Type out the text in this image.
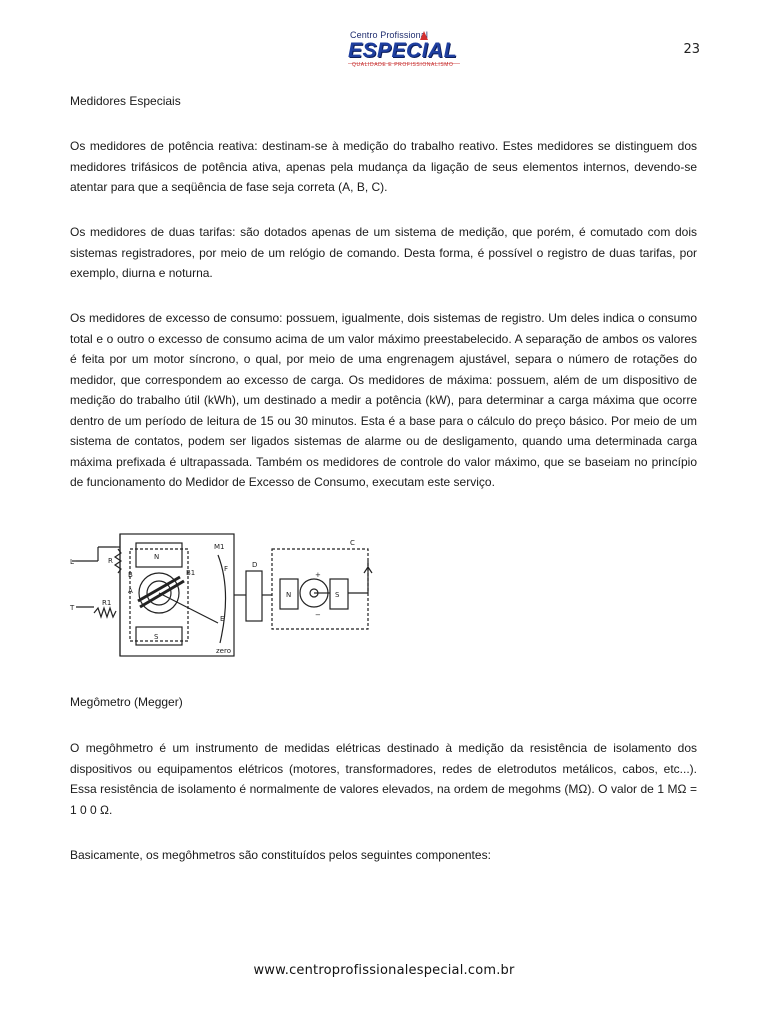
Centro Profissional
ESPECIAL
QUALIDADE E PROFISSIONALISMO
23

Medidores Especiais

Os medidores de potência reativa: destinam-se à medição do trabalho reativo. Estes medidores se distinguem dos medidores trifásicos de potência ativa, apenas pela mudança da ligação de seus elementos internos, devendo-se atentar para que a seqüência de fase seja correta (A, B, C).

Os medidores de duas tarifas: são dotados apenas de um sistema de medição, que porém, é comutado com dois sistemas registradores, por meio de um relógio de comando. Desta forma, é possível o registro de duas tarifas, por exemplo, diurna e noturna.

Os medidores de excesso de consumo: possuem, igualmente, dois sistemas de registro. Um deles indica o consumo total e o outro o excesso de consumo acima de um valor máximo preestabelecido. A separação de ambos os valores é feita por um motor síncrono, o qual, por meio de uma engrenagem ajustável, separa o número de rotações do medidor, que correspondem ao excesso de carga. Os medidores de máxima: possuem, além de um dispositivo de medição do trabalho útil (kWh), um destinado a medir a potência (kW), para determinar a carga máxima que ocorre dentro de um período de leitura de 15 ou 30 minutos. Esta é a base para o cálculo do preço básico. Por meio de um sistema de contatos, podem ser ligados sistemas de alarme ou de desligamento, quando uma determinada carga máxima prefixada é ultrapassada. Também os medidores de controle do valor máximo, que se baseiam no princípio de funcionamento do Medidor de Excesso de Consumo, executam este serviço.

L
T
R
R1
N
S
B	B1
A
F
E
M1
zero
D
C
N	S
+
−

Megômetro (Megger)

O megôhmetro é um instrumento de medidas elétricas destinado à medição da resistência de isolamento dos dispositivos ou equipamentos elétricos (motores, transformadores, redes de eletrodutos metálicos, cabos, etc...). Essa resistência de isolamento é normalmente de valores elevados, na ordem de megohms (MΩ). O valor de 1 MΩ = 1 0 0 Ω.

Basicamente, os megôhmetros são constituídos pelos seguintes componentes:

www.centroprofissionalespecial.com.br
